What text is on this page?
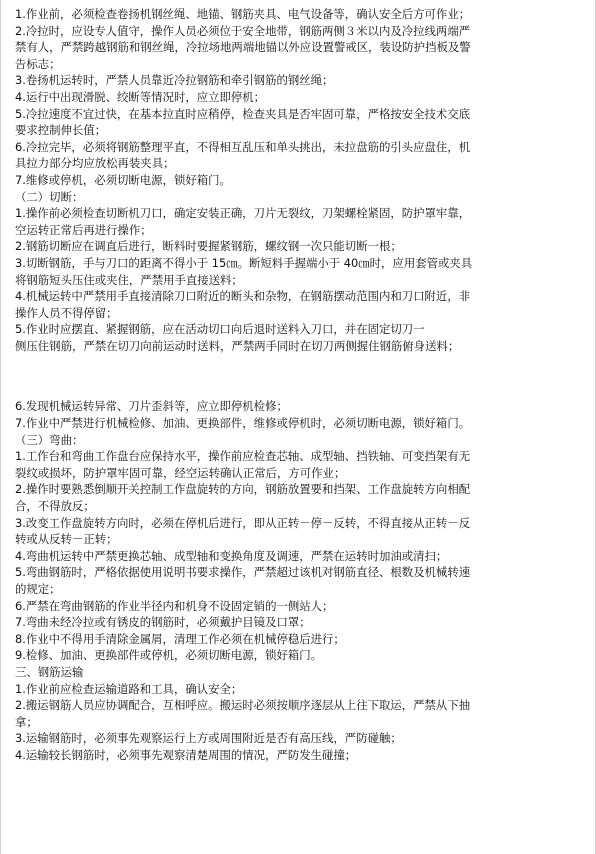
1.作业前，必须检查卷扬机钢丝绳、地锚、钢筋夹具、电气设备等，确认安全后方可作业；
2.冷拉时，应设专人值守，操作人员必须位于安全地带，钢筋两侧３米以内及冷拉线两端严
禁有人，严禁跨越钢筋和钢丝绳，冷拉场地两端地锚以外应设置警戒区，装设防护挡板及警
告标志；
3.卷扬机运转时，严禁人员靠近冷拉钢筋和牵引钢筋的钢丝绳；
4.运行中出现滑脱、绞断等情况时，应立即停机；
5.冷拉速度不宜过快，在基本拉直时应稍停，检查夹具是否牢固可靠，严格按安全技术交底
要求控制伸长值；
6.冷拉完毕，必须将钢筋整理平直，不得相互乱压和单头挑出，未拉盘筋的引头应盘住，机
具拉力部分均应放松再装夹具；
7.维修或停机，必须切断电源，锁好箱门。
（二）切断：
1.操作前必须检查切断机刀口，确定安装正确，刀片无裂纹，刀架螺栓紧固，防护罩牢靠，
空运转正常后再进行操作；
2.钢筋切断应在调直后进行，断料时要握紧钢筋，螺纹钢一次只能切断一根；
3.切断钢筋，手与刀口的距离不得小于 15㎝。断短料手握端小于 40㎝时，应用套管或夹具
将钢筋短头压住或夹住，严禁用手直接送料；
4.机械运转中严禁用手直接清除刀口附近的断头和杂物，在钢筋摆动范围内和刀口附近，非
操作人员不得停留；
5.作业时应摆直、紧握钢筋，应在活动切口向后退时送料入刀口，并在固定切刀一
侧压住钢筋，严禁在切刀向前运动时送料，严禁两手同时在切刀两侧握住钢筋俯身送料；
6.发现机械运转异常、刀片歪斜等，应立即停机检修；
7.作业中严禁进行机械检修、加油、更换部件，维修或停机时，必须切断电源，锁好箱门。
（三）弯曲：
1.工作台和弯曲工作盘台应保持水平，操作前应检查芯轴、成型轴、挡铁轴、可变挡架有无
裂纹或损坏，防护罩牢固可靠，经空运转确认正常后，方可作业；
2.操作时要熟悉倒顺开关控制工作盘旋转的方向，钢筋放置要和挡架、工作盘旋转方向相配
合，不得放反；
3.改变工作盘旋转方向时，必须在停机后进行，即从正转－停－反转，不得直接从正转－反
转或从反转－正转；
4.弯曲机运转中严禁更换芯轴、成型轴和变换角度及调速，严禁在运转时加油或清扫；
5.弯曲钢筋时，严格依据使用说明书要求操作，严禁超过该机对钢筋直径、根数及机械转速
的规定；
6.严禁在弯曲钢筋的作业半径内和机身不设固定销的一侧站人；
7.弯曲未经冷拉或有锈皮的钢筋时，必须戴护目镜及口罩；
8.作业中不得用手清除金属屑，清理工作必须在机械停稳后进行；
9.检修、加油、更换部件或停机，必须切断电源，锁好箱门。
三、钢筋运输
1.作业前应检查运输道路和工具，确认安全；
2.搬运钢筋人员应协调配合，互相呼应。搬运时必须按顺序逐层从上往下取运，严禁从下抽
拿；
3.运输钢筋时，必须事先观察运行上方或周围附近是否有高压线，严防碰触；
4.运输较长钢筋时，必须事先观察清楚周围的情况，严防发生碰撞；
